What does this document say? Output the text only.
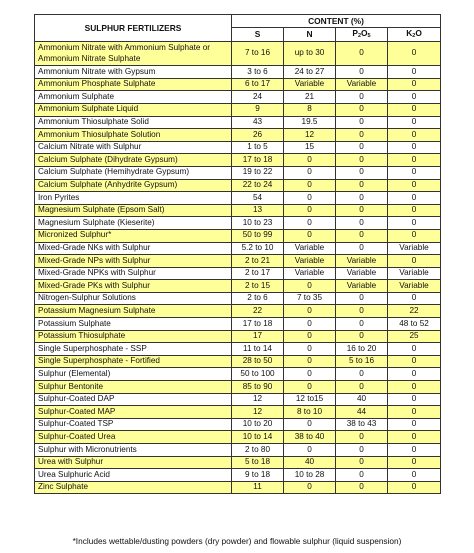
SULPHUR FERTILIZERS	CONTENT (%)			
	S	N	P2O5	K2O
Ammonium Nitrate with Ammonium Sulphate or Ammonium Nitrate Sulphate	7 to 16	up to 30	0	0
Ammonium Nitrate with Gypsum	3 to 6	24 to 27	0	0
Ammonium Phosphate Sulphate	6 to 17	Variable	Variable	0
Ammonium Sulphate	24	21	0	0
Ammonium Sulphate Liquid	9	8	0	0
Ammonium Thiosulphate Solid	43	19.5	0	0
Ammonium Thiosulphate Solution	26	12	0	0
Calcium Nitrate with Sulphur	1 to 5	15	0	0
Calcium Sulphate (Dihydrate Gypsum)	17 to 18	0	0	0
Calcium Sulphate (Hemihydrate Gypsum)	19 to 22	0	0	0
Calcium Sulphate (Anhydrite Gypsum)	22 to 24	0	0	0
Iron Pyrites	54	0	0	0
Magnesium Sulphate (Epsom Salt)	13	0	0	0
Magnesium Sulphate (Kieserite)	10 to 23	0	0	0
Micronized Sulphur*	50 to 99	0	0	0
Mixed-Grade NKs with Sulphur	5.2 to 10	Variable	0	Variable
Mixed-Grade NPs with Sulphur	2 to 21	Variable	Variable	0
Mixed-Grade NPKs with Sulphur	2 to 17	Variable	Variable	Variable
Mixed-Grade PKs with Sulphur	2 to 15	0	Variable	Variable
Nitrogen-Sulphur Solutions	2 to 6	7 to 35	0	0
Potassium Magnesium Sulphate	22	0	0	22
Potassium Sulphate	17 to 18	0	0	48 to 52
Potassium Thiosulphate	17	0	0	25
Single Superphosphate - SSP	11 to 14	0	16 to 20	0
Single Superphosphate - Fortified	28 to 50	0	5 to 16	0
Sulphur (Elemental)	50 to 100	0	0	0
Sulphur Bentonite	85 to 90	0	0	0
Sulphur-Coated DAP	12	12 to15	40	0
Sulphur-Coated MAP	12	8 to 10	44	0
Sulphur-Coated TSP	10 to 20	0	38 to 43	0
Sulphur-Coated Urea	10 to 14	38 to 40	0	0
Sulphur with Micronutrients	2 to 80	0	0	0
Urea with Sulphur	5 to 18	40	0	0
Urea Sulphuric Acid	9 to 18	10 to 28	0	0
Zinc Sulphate	11	0	0	0
*Includes wettable/dusting powders (dry powder) and flowable sulphur (liquid suspension)
